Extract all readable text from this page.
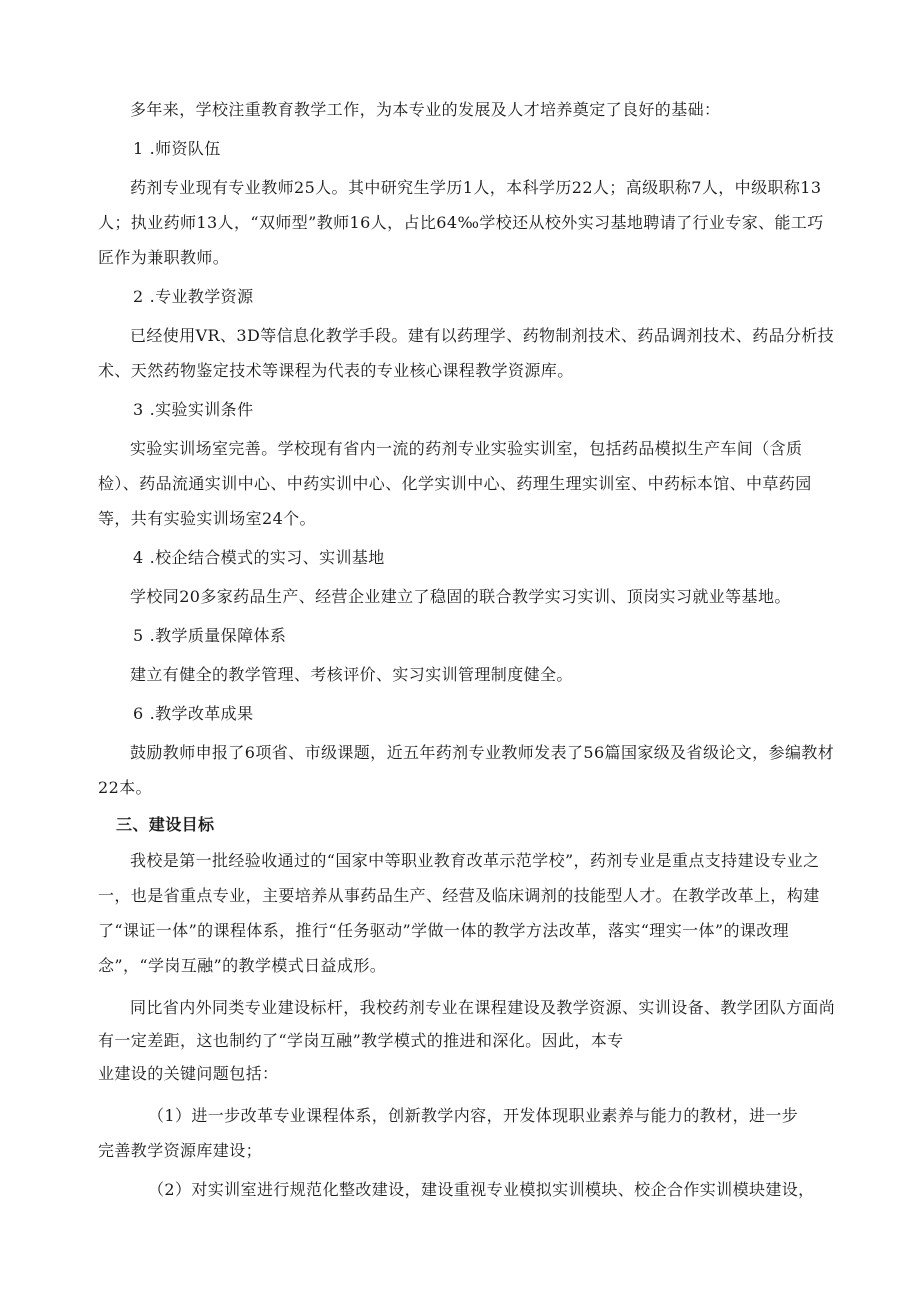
多年来，学校注重教育教学工作，为本专业的发展及人才培养奠定了良好的基础：

1 .师资队伍

药剂专业现有专业教师25人。其中研究生学历1人，本科学历22人；高级职称7人，中级职称13人；执业药师13人，“双师型”教师16人，占比64‰学校还从校外实习基地聘请了行业专家、能工巧匠作为兼职教师。

2 .专业教学资源

已经使用VR、3D等信息化教学手段。建有以药理学、药物制剂技术、药品调剂技术、药品分析技术、天然药物鉴定技术等课程为代表的专业核心课程教学资源库。

3 .实验实训条件

实验实训场室完善。学校现有省内一流的药剂专业实验实训室，包括药品模拟生产车间（含质检）、药品流通实训中心、中药实训中心、化学实训中心、药理生理实训室、中药标本馆、中草药园等，共有实验实训场室24个。

4 .校企结合模式的实习、实训基地

学校同20多家药品生产、经营企业建立了稳固的联合教学实习实训、顶岗实习就业等基地。

5 .教学质量保障体系

建立有健全的教学管理、考核评价、实习实训管理制度健全。

6 .教学改革成果

鼓励教师申报了6项省、市级课题，近五年药剂专业教师发表了56篇国家级及省级论文，参编教材22本。

三、建设目标

我校是第一批经验收通过的“国家中等职业教育改革示范学校”，药剂专业是重点支持建设专业之一，也是省重点专业，主要培养从事药品生产、经营及临床调剂的技能型人才。在教学改革上，构建了“课证一体”的课程体系，推行“任务驱动”学做一体的教学方法改革，落实“理实一体”的课改理念”，“学岗互融”的教学模式日益成形。

同比省内外同类专业建设标杆，我校药剂专业在课程建设及教学资源、实训设备、教学团队方面尚有一定差距，这也制约了“学岗互融”教学模式的推进和深化。因此，本专

业建设的关键问题包括：

（1）进一步改革专业课程体系，创新教学内容，开发体现职业素养与能力的教材，进一步
完善教学资源库建设；
（2）对实训室进行规范化整改建设，建设重视专业模拟实训模块、校企合作实训模块建设，
